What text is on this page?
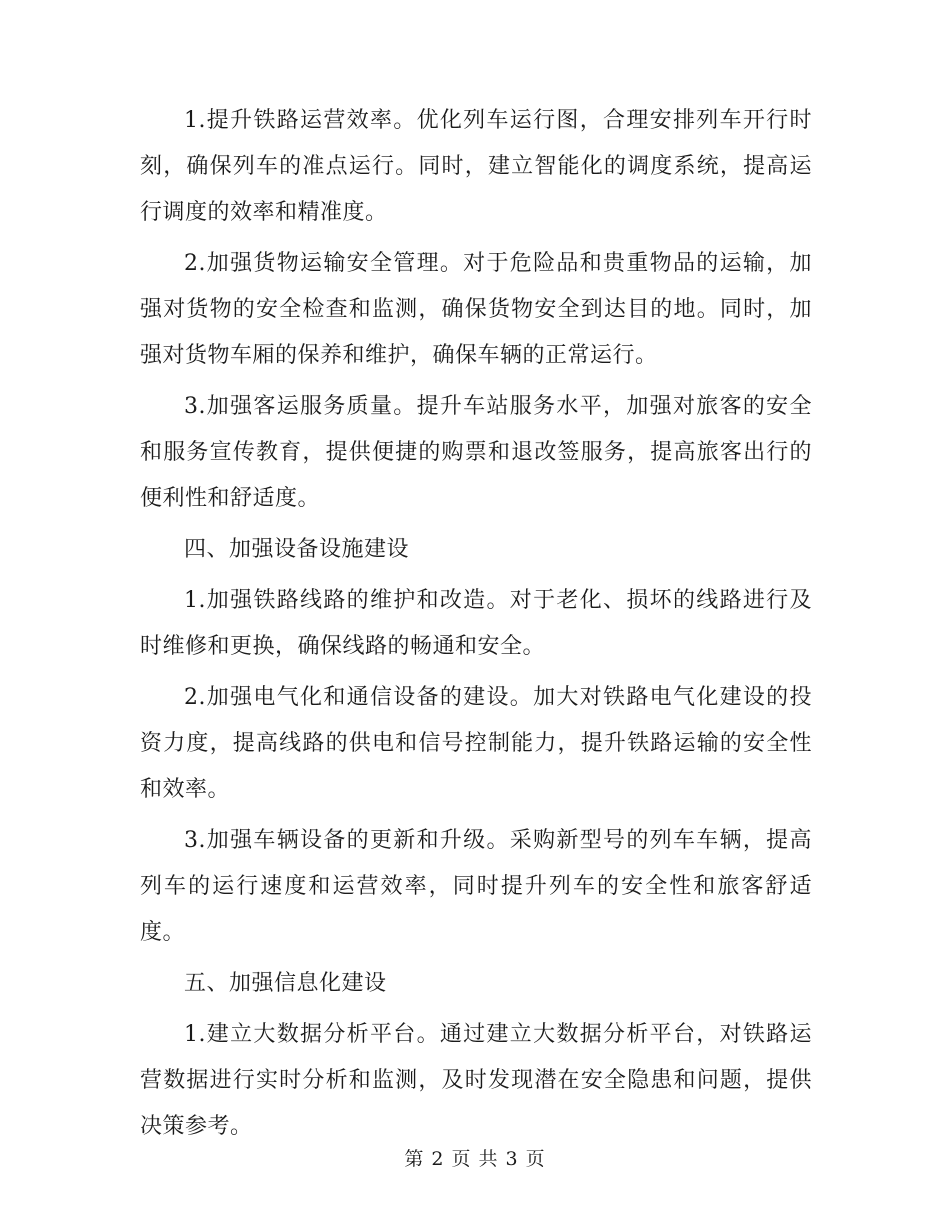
1.提升铁路运营效率。优化列车运行图，合理安排列车开行时刻，确保列车的准点运行。同时，建立智能化的调度系统，提高运行调度的效率和精准度。

2.加强货物运输安全管理。对于危险品和贵重物品的运输，加强对货物的安全检查和监测，确保货物安全到达目的地。同时，加强对货物车厢的保养和维护，确保车辆的正常运行。

3.加强客运服务质量。提升车站服务水平，加强对旅客的安全和服务宣传教育，提供便捷的购票和退改签服务，提高旅客出行的便利性和舒适度。

四、加强设备设施建设

1.加强铁路线路的维护和改造。对于老化、损坏的线路进行及时维修和更换，确保线路的畅通和安全。

2.加强电气化和通信设备的建设。加大对铁路电气化建设的投资力度，提高线路的供电和信号控制能力，提升铁路运输的安全性和效率。

3.加强车辆设备的更新和升级。采购新型号的列车车辆，提高列车的运行速度和运营效率，同时提升列车的安全性和旅客舒适度。

五、加强信息化建设

1.建立大数据分析平台。通过建立大数据分析平台，对铁路运营数据进行实时分析和监测，及时发现潜在安全隐患和问题，提供决策参考。

第 2 页 共 3 页
